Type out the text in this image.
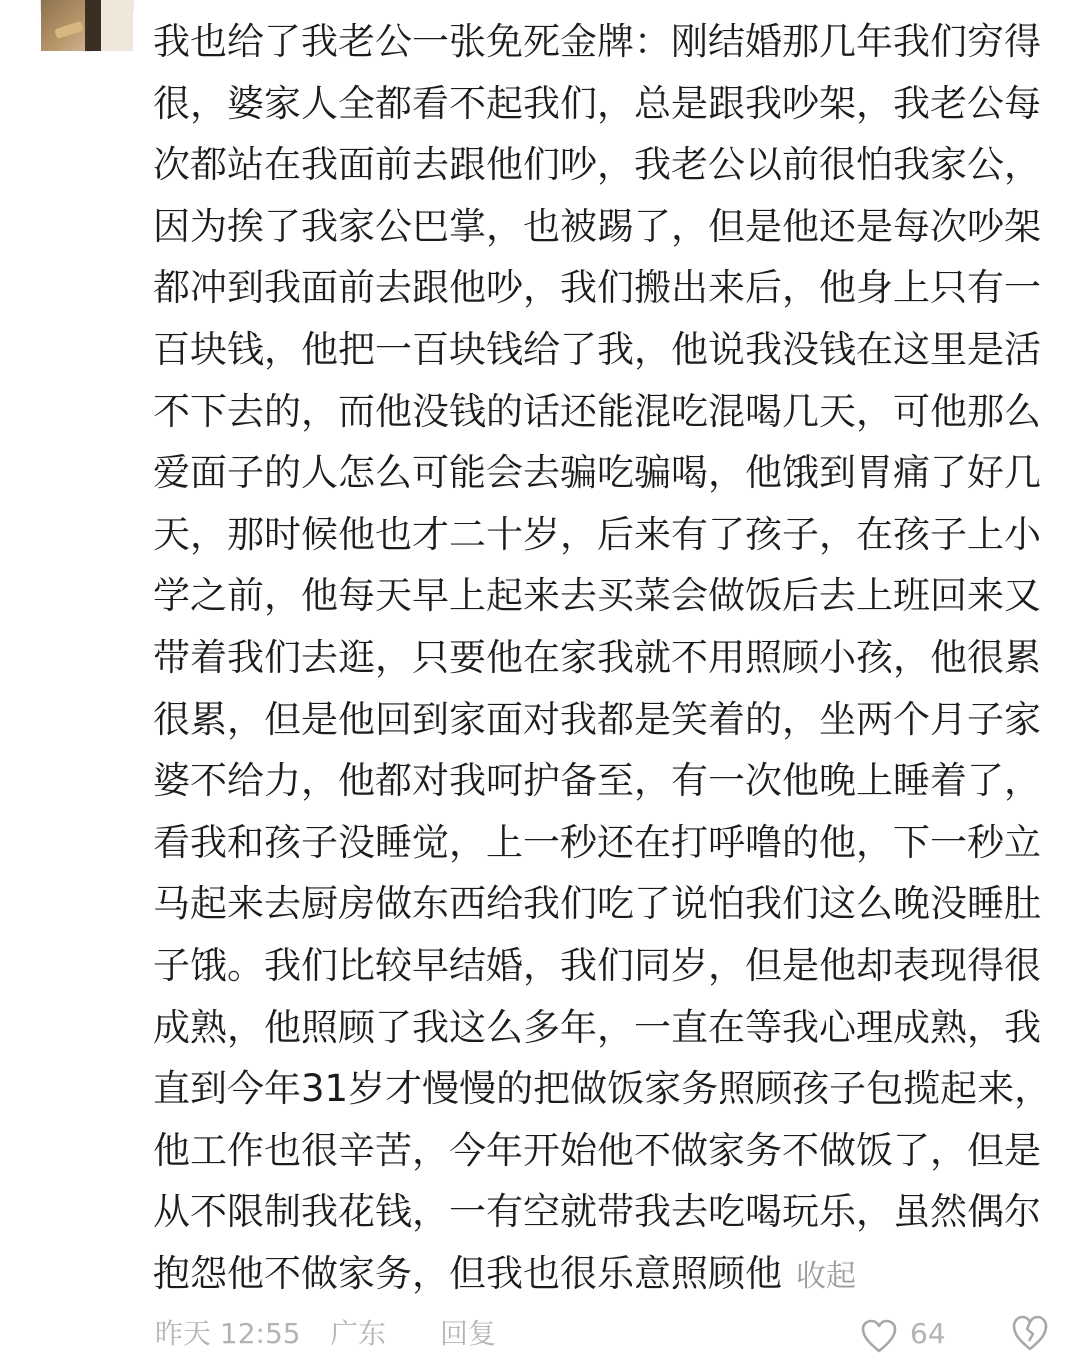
我也给了我老公一张免死金牌：刚结婚那几年我们穷得
很，婆家人全都看不起我们，总是跟我吵架，我老公每
次都站在我面前去跟他们吵，我老公以前很怕我家公，
因为挨了我家公巴掌，也被踢了，但是他还是每次吵架
都冲到我面前去跟他吵，我们搬出来后，他身上只有一
百块钱，他把一百块钱给了我，他说我没钱在这里是活
不下去的，而他没钱的话还能混吃混喝几天，可他那么
爱面子的人怎么可能会去骗吃骗喝，他饿到胃痛了好几
天，那时候他也才二十岁，后来有了孩子，在孩子上小
学之前，他每天早上起来去买菜会做饭后去上班回来又
带着我们去逛，只要他在家我就不用照顾小孩，他很累
很累，但是他回到家面对我都是笑着的，坐两个月子家
婆不给力，他都对我呵护备至，有一次他晚上睡着了，
看我和孩子没睡觉，上一秒还在打呼噜的他，下一秒立
马起来去厨房做东西给我们吃了说怕我们这么晚没睡肚
子饿。我们比较早结婚，我们同岁，但是他却表现得很
成熟，他照顾了我这么多年，一直在等我心理成熟，我
直到今年31岁才慢慢的把做饭家务照顾孩子包揽起来，
他工作也很辛苦，今年开始他不做家务不做饭了，但是
从不限制我花钱，一有空就带我去吃喝玩乐，虽然偶尔
抱怨他不做家务，但我也很乐意照顾他 收起
昨天 12:55 广东 回复	64
